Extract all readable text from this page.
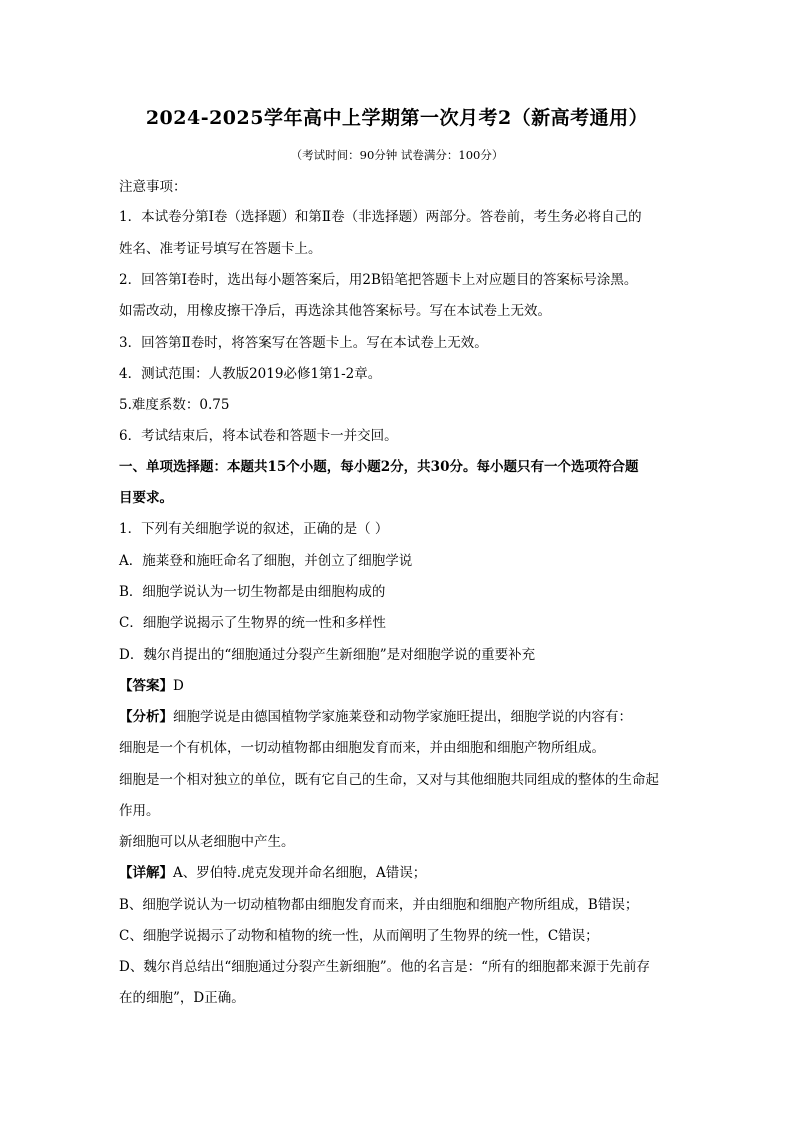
2024-2025学年高中上学期第一次月考2（新高考通用）
（考试时间：90分钟 试卷满分：100分）
注意事项：
1．本试卷分第Ⅰ卷（选择题）和第Ⅱ卷（非选择题）两部分。答卷前，考生务必将自己的
姓名、准考证号填写在答题卡上。
2．回答第Ⅰ卷时，选出每小题答案后，用2B铅笔把答题卡上对应题目的答案标号涂黑。
如需改动，用橡皮擦干净后，再选涂其他答案标号。写在本试卷上无效。
3．回答第Ⅱ卷时，将答案写在答题卡上。写在本试卷上无效。
4．测试范围：人教版2019必修1第1-2章。
5.难度系数：0.75
6．考试结束后，将本试卷和答题卡一并交回。
一、单项选择题：本题共15个小题，每小题2分，共30分。每小题只有一个选项符合题
目要求。
1．下列有关细胞学说的叙述，正确的是（ ）
A．施莱登和施旺命名了细胞，并创立了细胞学说
B．细胞学说认为一切生物都是由细胞构成的
C．细胞学说揭示了生物界的统一性和多样性
D．魏尔肖提出的“细胞通过分裂产生新细胞”是对细胞学说的重要补充
【答案】D
【分析】细胞学说是由德国植物学家施莱登和动物学家施旺提出，细胞学说的内容有：
细胞是一个有机体，一切动植物都由细胞发育而来，并由细胞和细胞产物所组成。
细胞是一个相对独立的单位，既有它自己的生命，又对与其他细胞共同组成的整体的生命起
作用。
新细胞可以从老细胞中产生。
【详解】A、罗伯特.虎克发现并命名细胞，A错误；
B、细胞学说认为一切动植物都由细胞发育而来，并由细胞和细胞产物所组成，B错误；
C、细胞学说揭示了动物和植物的统一性，从而阐明了生物界的统一性，C错误；
D、魏尔肖总结出“细胞通过分裂产生新细胞”。他的名言是：“所有的细胞都来源于先前存
在的细胞”，D正确。
